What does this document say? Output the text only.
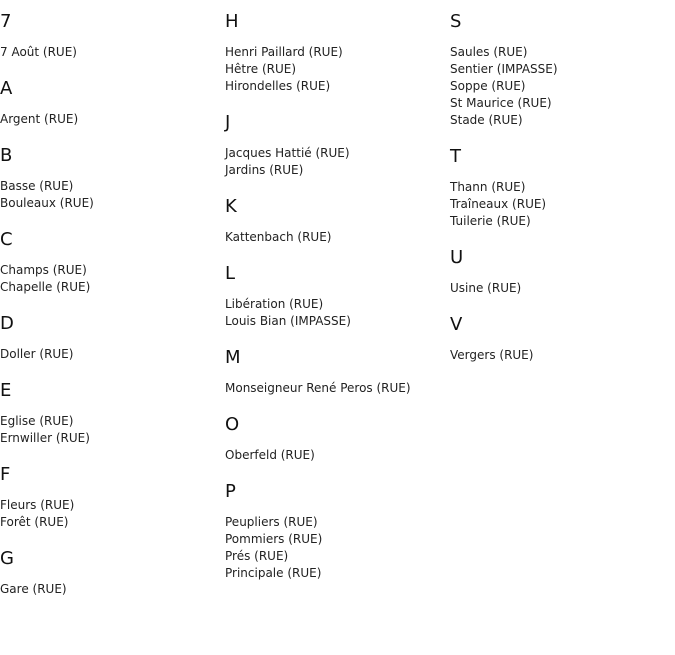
7
7 Août (RUE)
A
Argent (RUE)
B
Basse (RUE)
Bouleaux (RUE)
C
Champs (RUE)
Chapelle (RUE)
D
Doller (RUE)
E
Eglise (RUE)
Ernwiller (RUE)
F
Fleurs (RUE)
Forêt (RUE)
G
Gare (RUE)
H
Henri Paillard (RUE)
Hêtre (RUE)
Hirondelles (RUE)
J
Jacques Hattié (RUE)
Jardins (RUE)
K
Kattenbach (RUE)
L
Libération (RUE)
Louis Bian (IMPASSE)
M
Monseigneur René Peros (RUE)
O
Oberfeld (RUE)
P
Peupliers (RUE)
Pommiers (RUE)
Prés (RUE)
Principale (RUE)
S
Saules (RUE)
Sentier (IMPASSE)
Soppe (RUE)
St Maurice (RUE)
Stade (RUE)
T
Thann (RUE)
Traîneaux (RUE)
Tuilerie (RUE)
U
Usine (RUE)
V
Vergers (RUE)
